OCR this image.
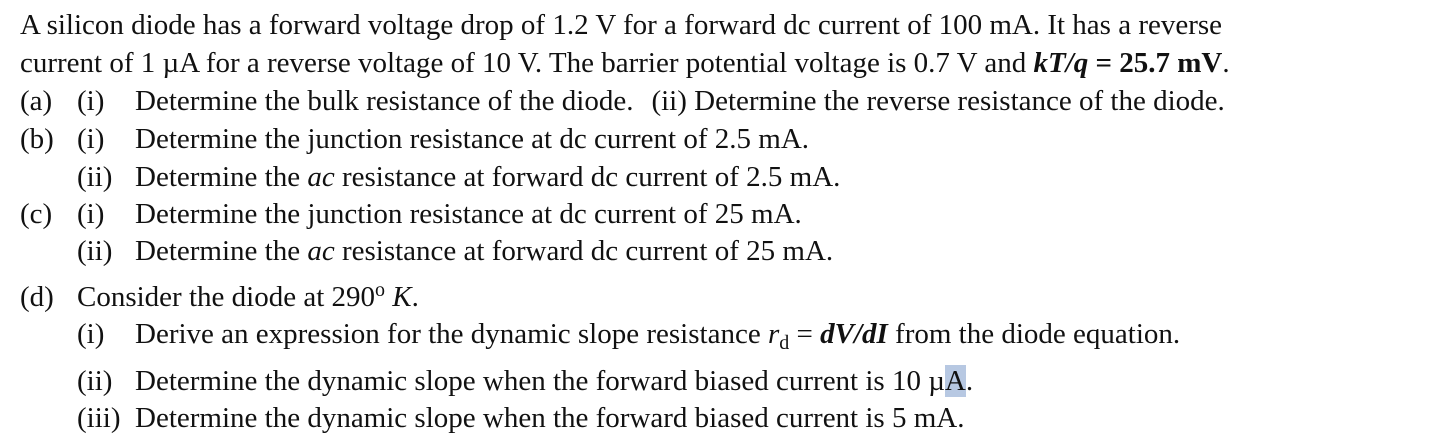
A silicon diode has a forward voltage drop of 1.2 V for a forward dc current of 100 mA. It has a reverse
current of 1 µA for a reverse voltage of 10 V. The barrier potential voltage is 0.7 V and kT/q = 25.7 mV.
(a) (i) Determine the bulk resistance of the diode. (ii) Determine the reverse resistance of the diode.
(b) (i) Determine the junction resistance at dc current of 2.5 mA.
(ii) Determine the ac resistance at forward dc current of 2.5 mA.
(c) (i) Determine the junction resistance at dc current of 25 mA.
(ii) Determine the ac resistance at forward dc current of 25 mA.
(d) Consider the diode at 290$^o$ K.
(i) Derive an expression for the dynamic slope resistance $r_d = dV/dI$ from the diode equation.
(ii) Determine the dynamic slope when the forward biased current is 10 µA.
(iii) Determine the dynamic slope when the forward biased current is 5 mA.
